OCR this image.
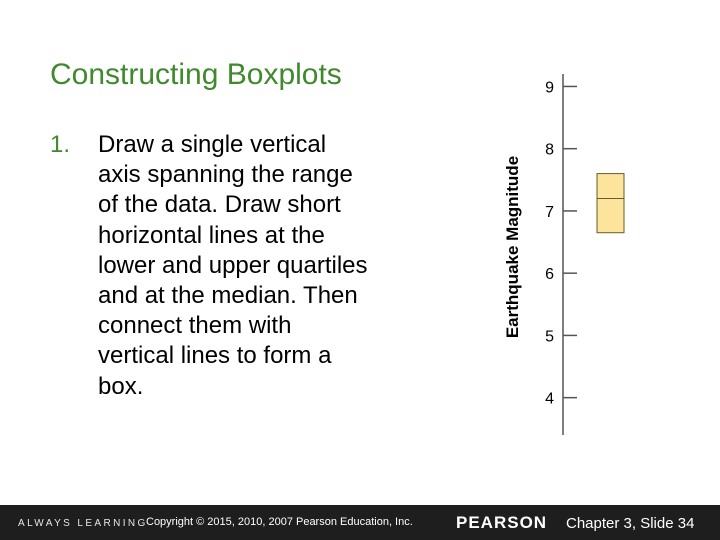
Constructing Boxplots
1. Draw a single vertical axis spanning the range of the data. Draw short horizontal lines at the lower and upper quartiles and at the median. Then connect them with vertical lines to form a box.
Earthquake Magnitude
4
5
6
7
8
9
ALWAYS LEARNING
Copyright © 2015, 2010, 2007 Pearson Education, Inc.	PEARSON Chapter 3, Slide 34
